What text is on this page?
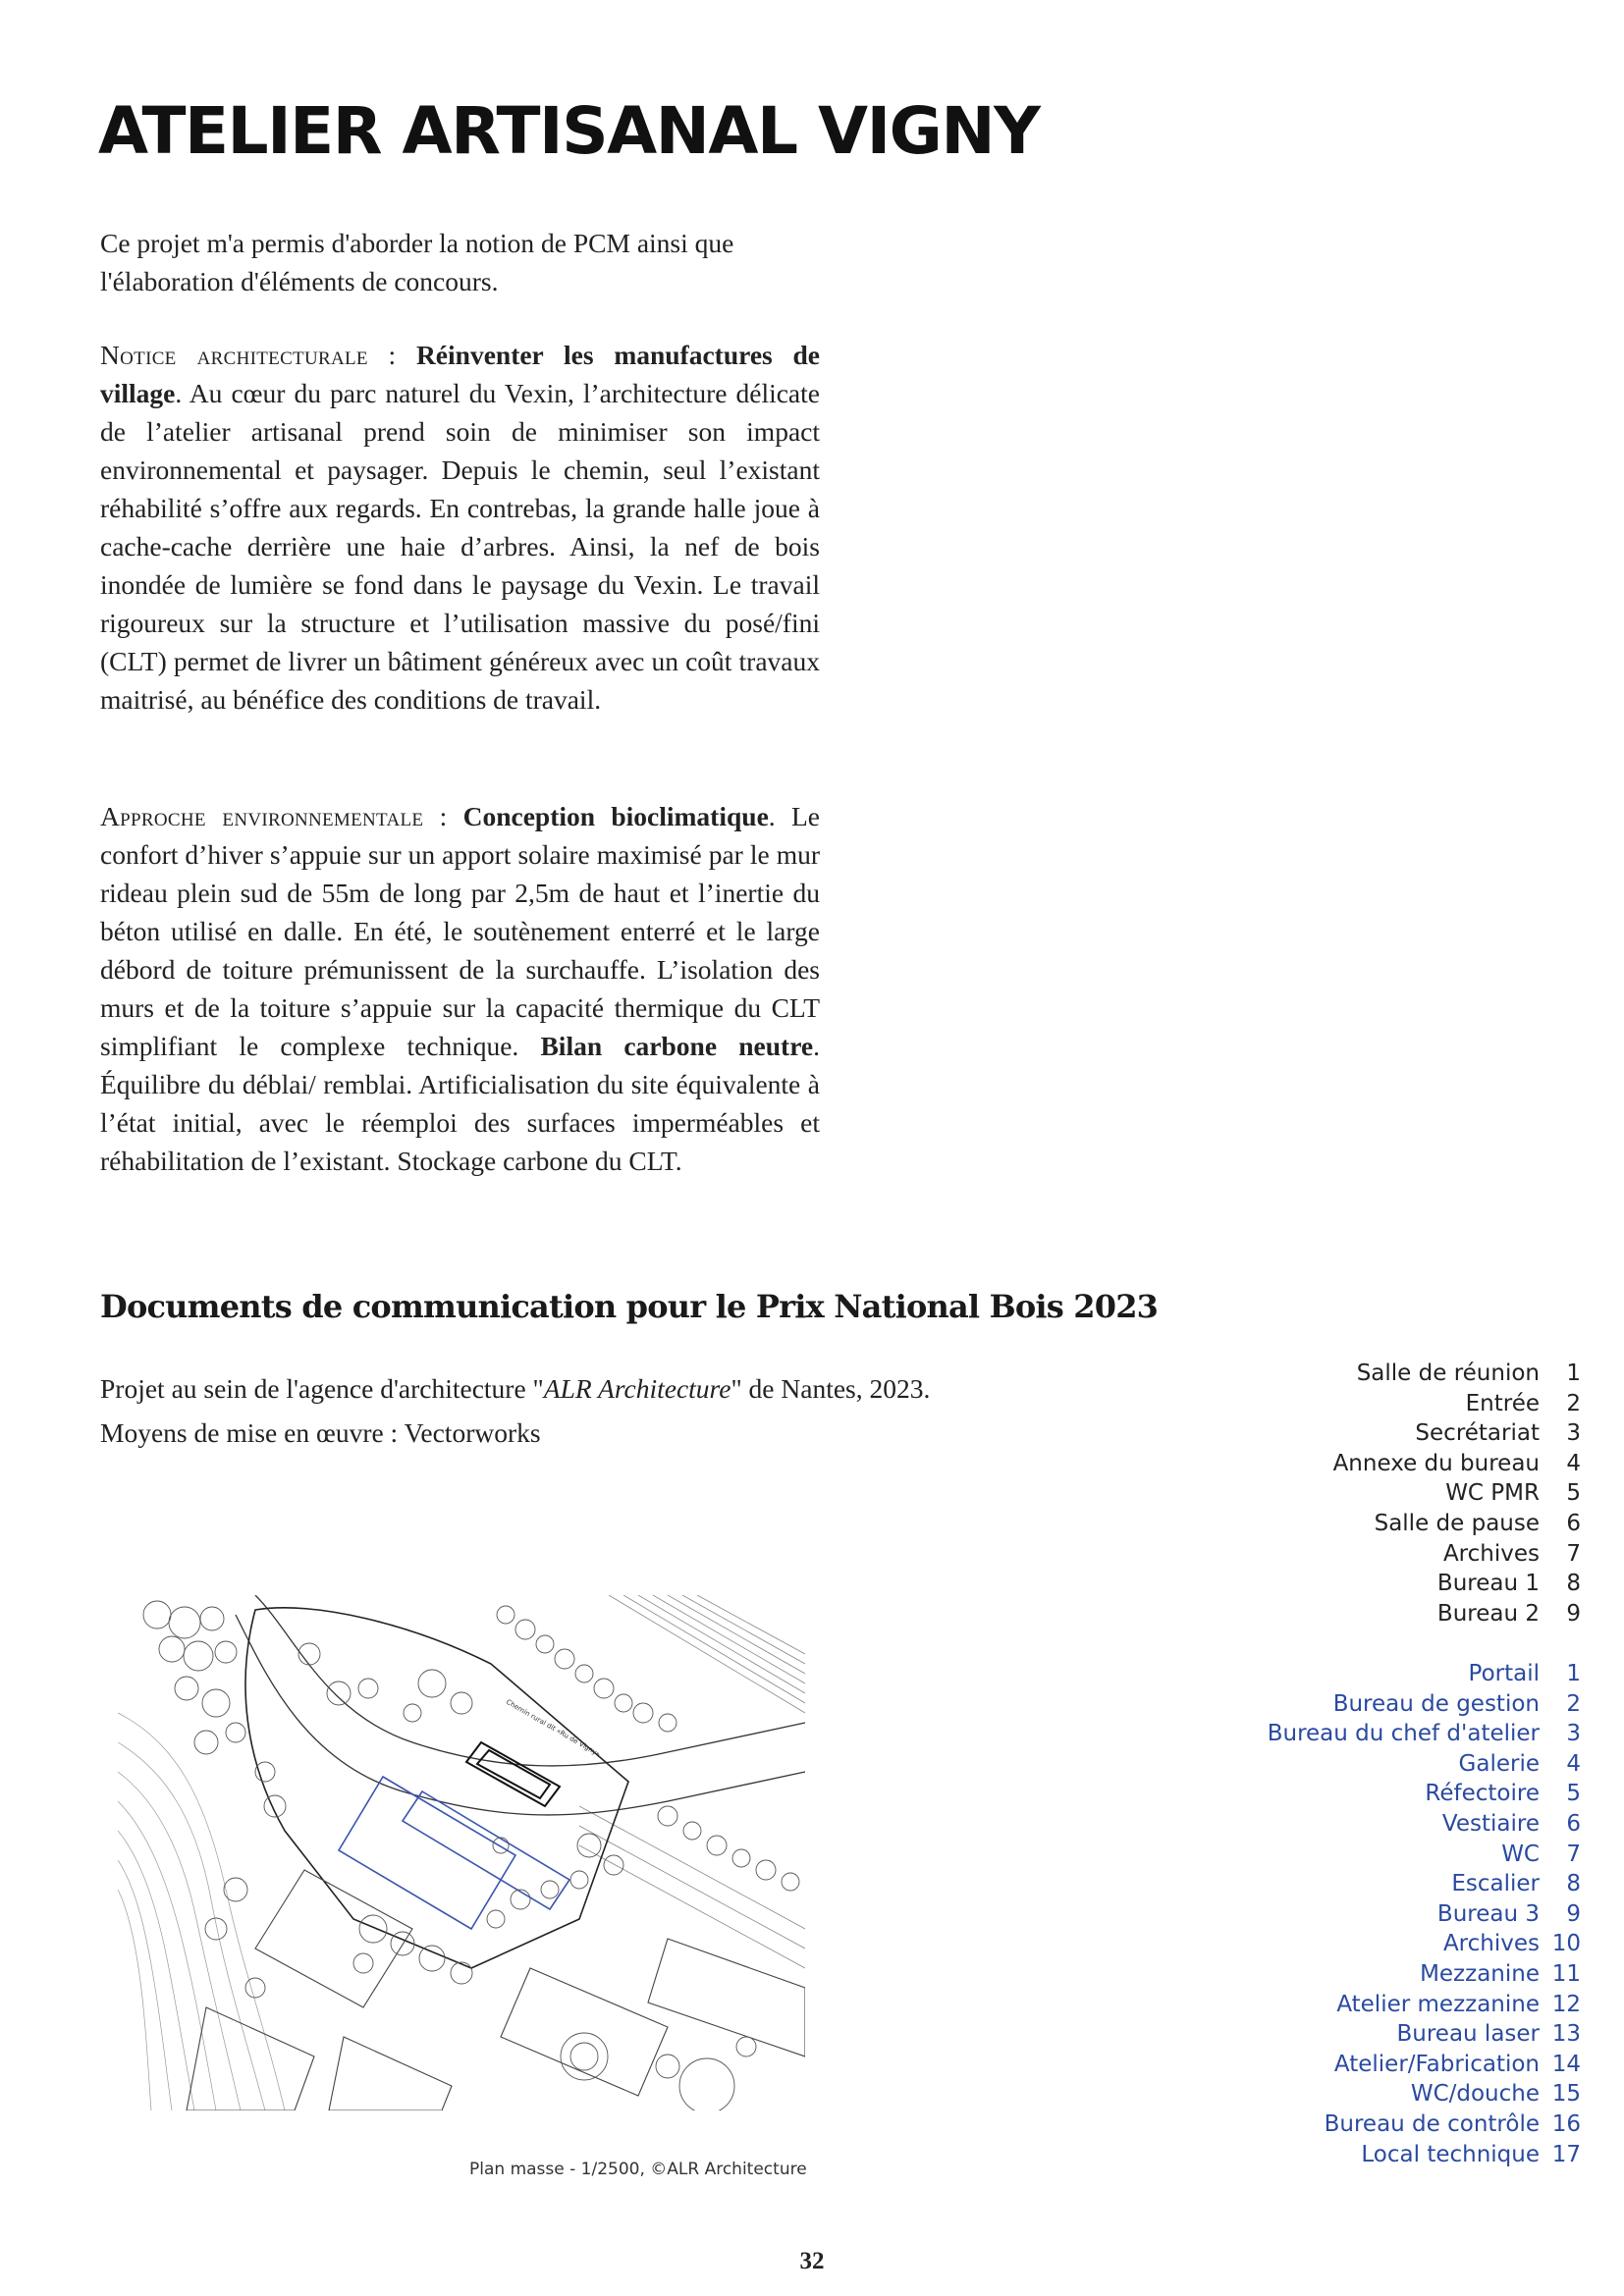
ATELIER ARTISANAL VIGNY

Ce projet m'a permis d'aborder la notion de PCM ainsi que l'élaboration d'éléments de concours.

Notice architecturale : Réinventer les manufactures de village. Au cœur du parc naturel du Vexin, l’architecture délicate de l’atelier artisanal prend soin de minimiser son impact environnemental et paysager. Depuis le chemin, seul l’existant réhabilité s’offre aux regards. En contrebas, la grande halle joue à cache-cache derrière une haie d’arbres. Ainsi, la nef de bois inondée de lumière se fond dans le paysage du Vexin. Le travail rigoureux sur la structure et l’utilisation massive du posé/fini (CLT) permet de livrer un bâtiment généreux avec un coût travaux maitrisé, au bénéfice des conditions de travail.

Approche environnementale : Conception bioclimatique. Le confort d’hiver s’appuie sur un apport solaire maximisé par le mur rideau plein sud de 55m de long par 2,5m de haut et l’inertie du béton utilisé en dalle. En été, le soutènement enterré et le large débord de toiture prémunissent de la surchauffe. L’isolation des murs et de la toiture s’appuie sur la capacité thermique du CLT simplifiant le complexe technique. Bilan carbone neutre. Équilibre du déblai/ remblai. Artificialisation du site équivalente à l’état initial, avec le réemploi des surfaces imperméables et réhabilitation de l’existant. Stockage carbone du CLT.

Documents de communication pour le Prix National Bois 2023

Projet au sein de l'agence d'architecture "ALR Architecture" de Nantes, 2023.

Moyens de mise en œuvre : Vectorworks

Chemin rural dit «Ru de Vigny»
Plan masse - 1/2500, ©ALR Architecture
Salle de réunion	1
Entrée	2
Secrétariat	3
Annexe du bureau	4
WC PMR	5
Salle de pause	6
Archives	7
Bureau 1	8
Bureau 2	9
Portail	1
Bureau de gestion	2
Bureau du chef d'atelier	3
Galerie	4
Réfectoire	5
Vestiaire	6
WC	7
Escalier	8
Bureau 3	9
Archives 10
Mezzanine 11
Atelier mezzanine 12
Bureau laser 13
Atelier/Fabrication 14
WC/douche 15
Bureau de contrôle 16
Local technique 17
32
